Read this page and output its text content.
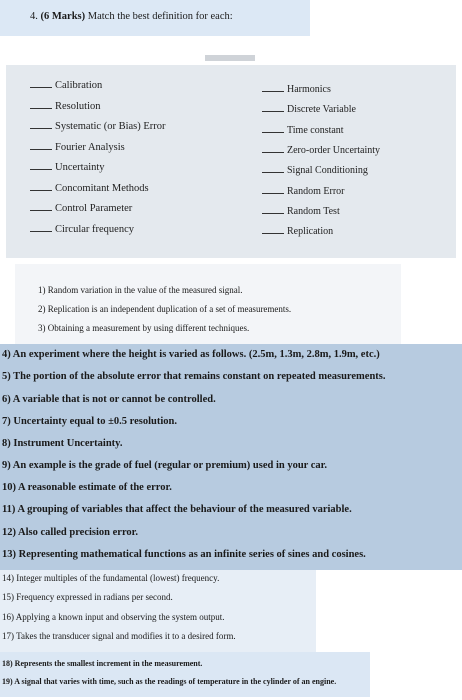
4. (6 Marks) Match the best definition for each:
Calibration
Resolution
Systematic (or Bias) Error
Fourier Analysis
Uncertainty
Concomitant Methods
Control Parameter
Circular frequency
Harmonics
Discrete Variable
Time constant
Zero-order Uncertainty
Signal Conditioning
Random Error
Random Test
Replication
1) Random variation in the value of the measured signal.
2) Replication is an independent duplication of a set of measurements.
3) Obtaining a measurement by using different techniques.
4) An experiment where the height is varied as follows. (2.5m, 1.3m, 2.8m, 1.9m, etc.)
5) The portion of the absolute error that remains constant on repeated measurements.
6) A variable that is not or cannot be controlled.
7) Uncertainty equal to ±0.5 resolution.
8) Instrument Uncertainty.
9) An example is the grade of fuel (regular or premium) used in your car.
10) A reasonable estimate of the error.
11) A grouping of variables that affect the behaviour of the measured variable.
12) Also called precision error.
13) Representing mathematical functions as an infinite series of sines and cosines.
14) Integer multiples of the fundamental (lowest) frequency.
15) Frequency expressed in radians per second.
16) Applying a known input and observing the system output.
17) Takes the transducer signal and modifies it to a desired form.
18) Represents the smallest increment in the measurement.
19) A signal that varies with time, such as the readings of temperature in the cylinder of an engine.
